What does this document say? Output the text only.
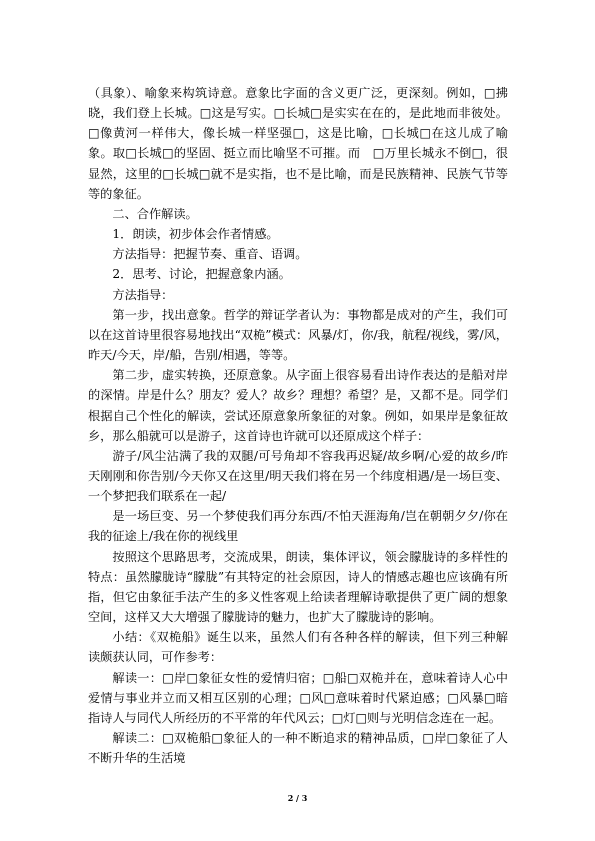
（具象）、喻象来构筑诗意。意象比字面的含义更广泛，更深刻。例如，□拂晓，我们登上长城。□这是写实。□长城□是实实在在的，是此地而非彼处。□像黄河一样伟大，像长城一样坚强□，这是比喻，□长城□在这儿成了喻象。取□长城□的坚固、挺立而比喻坚不可摧。而　□万里长城永不倒□，很显然，这里的□长城□就不是实指，也不是比喻，而是民族精神、民族气节等等的象征。

二、合作解读。

1．朗读，初步体会作者情感。

方法指导：把握节奏、重音、语调。

2．思考、讨论，把握意象内涵。

方法指导：

第一步，找出意象。哲学的辩证学者认为：事物都是成对的产生，我们可以在这首诗里很容易地找出“双桅”模式：风暴/灯，你/我，航程/视线，雾/风，昨天/今天，岸/船，告别/相遇，等等。

第二步，虚实转换，还原意象。从字面上很容易看出诗作表达的是船对岸的深情。岸是什么？朋友？爱人？故乡？理想？希望？是，又都不是。同学们根据自己个性化的解读，尝试还原意象所象征的对象。例如，如果岸是象征故乡，那么船就可以是游子，这首诗也许就可以还原成这个样子：

游子/风尘沾满了我的双腿/可号角却不容我再迟疑/故乡啊/心爱的故乡/昨天刚刚和你告别/今天你又在这里/明天我们将在另一个纬度相遇/是一场巨变、一个梦把我们联系在一起/

是一场巨变、另一个梦使我们再分东西/不怕天涯海角/岂在朝朝夕夕/你在我的征途上/我在你的视线里

按照这个思路思考，交流成果，朗读，集体评议，领会朦胧诗的多样性的特点：虽然朦胧诗“朦胧”有其特定的社会原因，诗人的情感志趣也应该确有所指，但它由象征手法产生的多义性客观上给读者理解诗歌提供了更广阔的想象空间，这样又大大增强了朦胧诗的魅力，也扩大了朦胧诗的影响。

小结：《双桅船》诞生以来，虽然人们有各种各样的解读，但下列三种解读颇获认同，可作参考：

解读一：□岸□象征女性的爱情归宿；□船□双桅并在，意味着诗人心中爱情与事业并立而又相互区别的心理；□风□意味着时代紧迫感；□风暴□暗指诗人与同代人所经历的不平常的年代风云；□灯□则与光明信念连在一起。

解读二：□双桅船□象征人的一种不断追求的精神品质，□岸□象征了人不断升华的生活境

2 / 3
